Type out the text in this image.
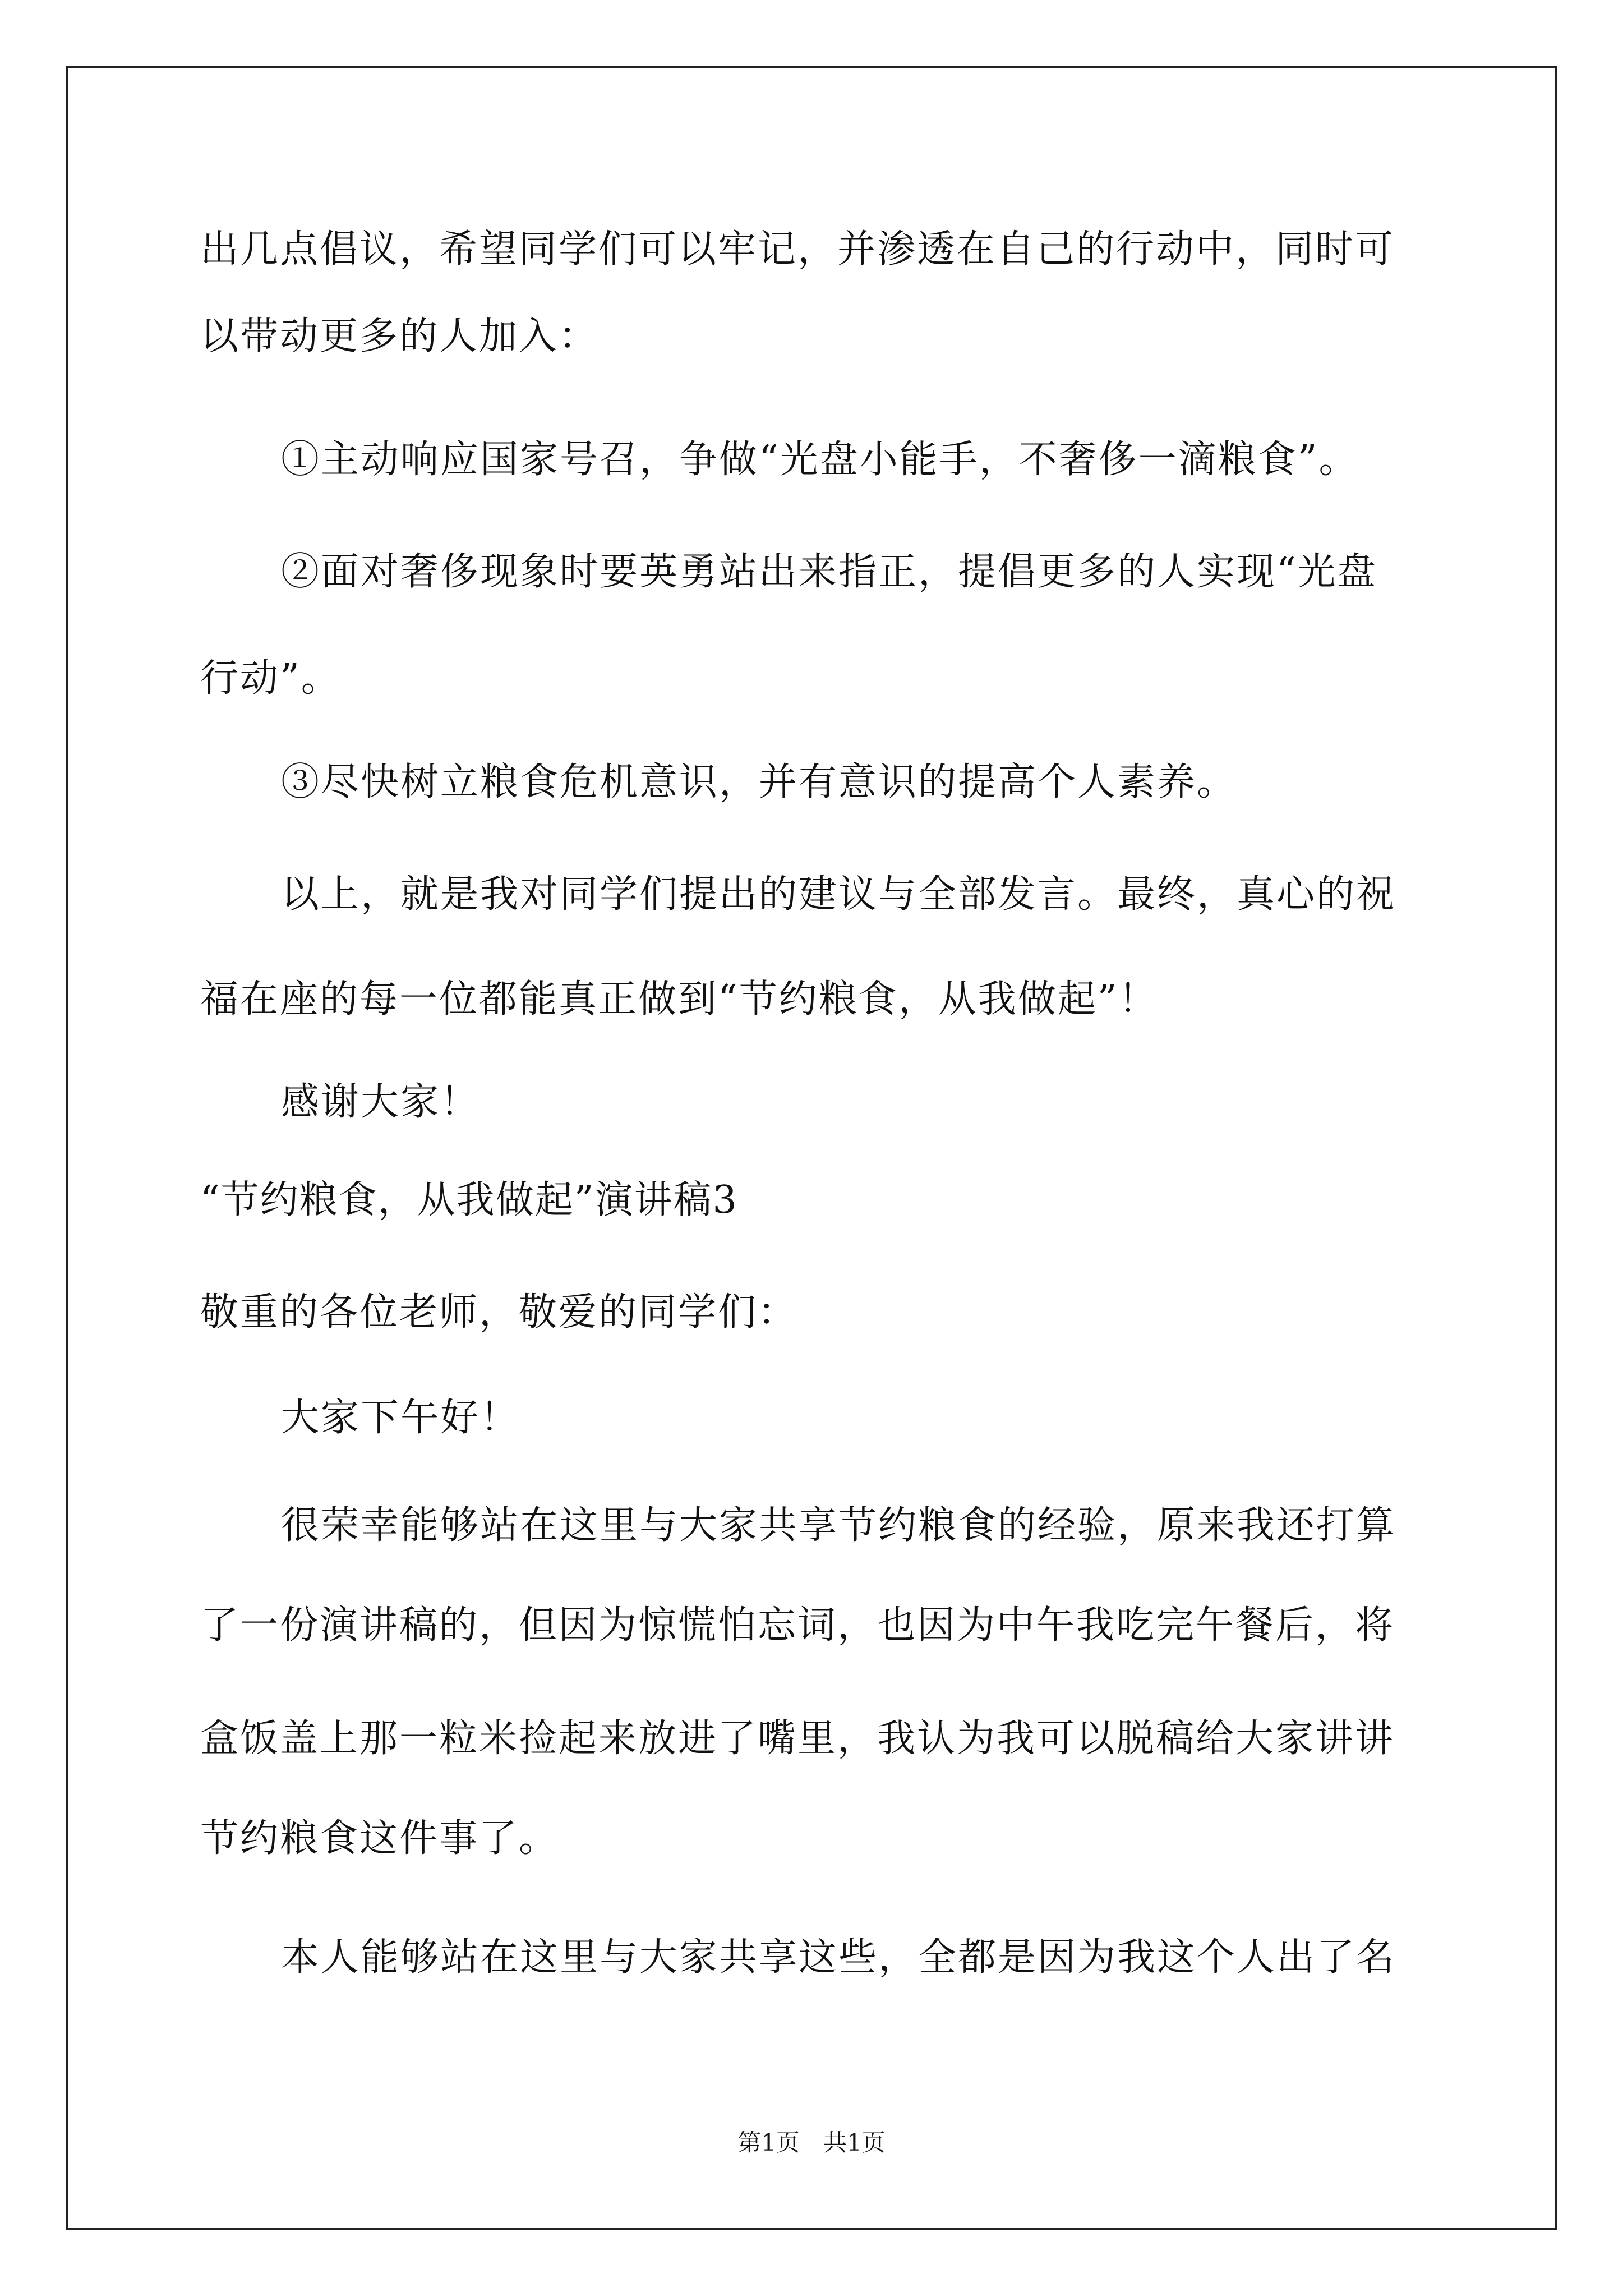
出几点倡议，希望同学们可以牢记，并渗透在自己的行动中，同时可
以带动更多的人加入：
①主动响应国家号召，争做“光盘小能手，不奢侈一滴粮食”。
②面对奢侈现象时要英勇站出来指正，提倡更多的人实现“光盘
行动”。
③尽快树立粮食危机意识，并有意识的提高个人素养。
以上，就是我对同学们提出的建议与全部发言。最终，真心的祝
福在座的每一位都能真正做到“节约粮食，从我做起”！
感谢大家！
“节约粮食，从我做起”演讲稿3
敬重的各位老师，敬爱的同学们：
大家下午好！
很荣幸能够站在这里与大家共享节约粮食的经验，原来我还打算
了一份演讲稿的，但因为惊慌怕忘词，也因为中午我吃完午餐后，将
盒饭盖上那一粒米捡起来放进了嘴里，我认为我可以脱稿给大家讲讲
节约粮食这件事了。
本人能够站在这里与大家共享这些，全都是因为我这个人出了名
第1页　共1页
